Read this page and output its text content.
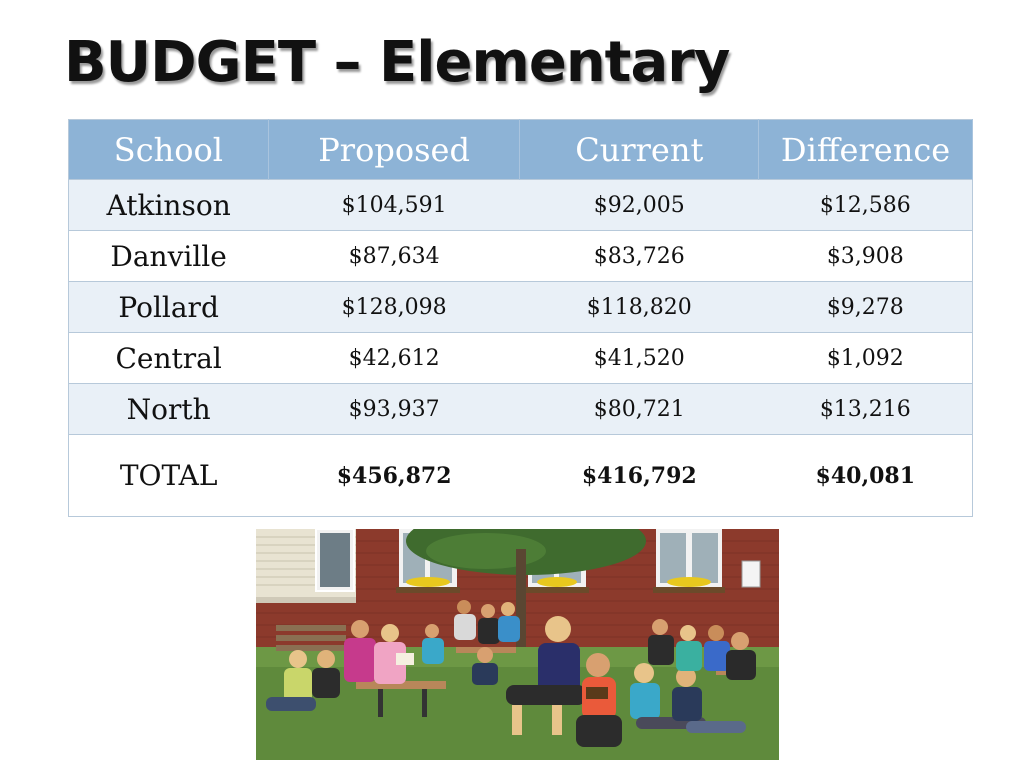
BUDGET – Elementary
School	Proposed	Current	Difference
Atkinson	$104,591	$92,005	$12,586
Danville	$87,634	$83,726	$3,908
Pollard	$128,098	$118,820	$9,278
Central	$42,612	$41,520	$1,092
North	$93,937	$80,721	$13,216
TOTAL	$456,872	$416,792	$40,081
